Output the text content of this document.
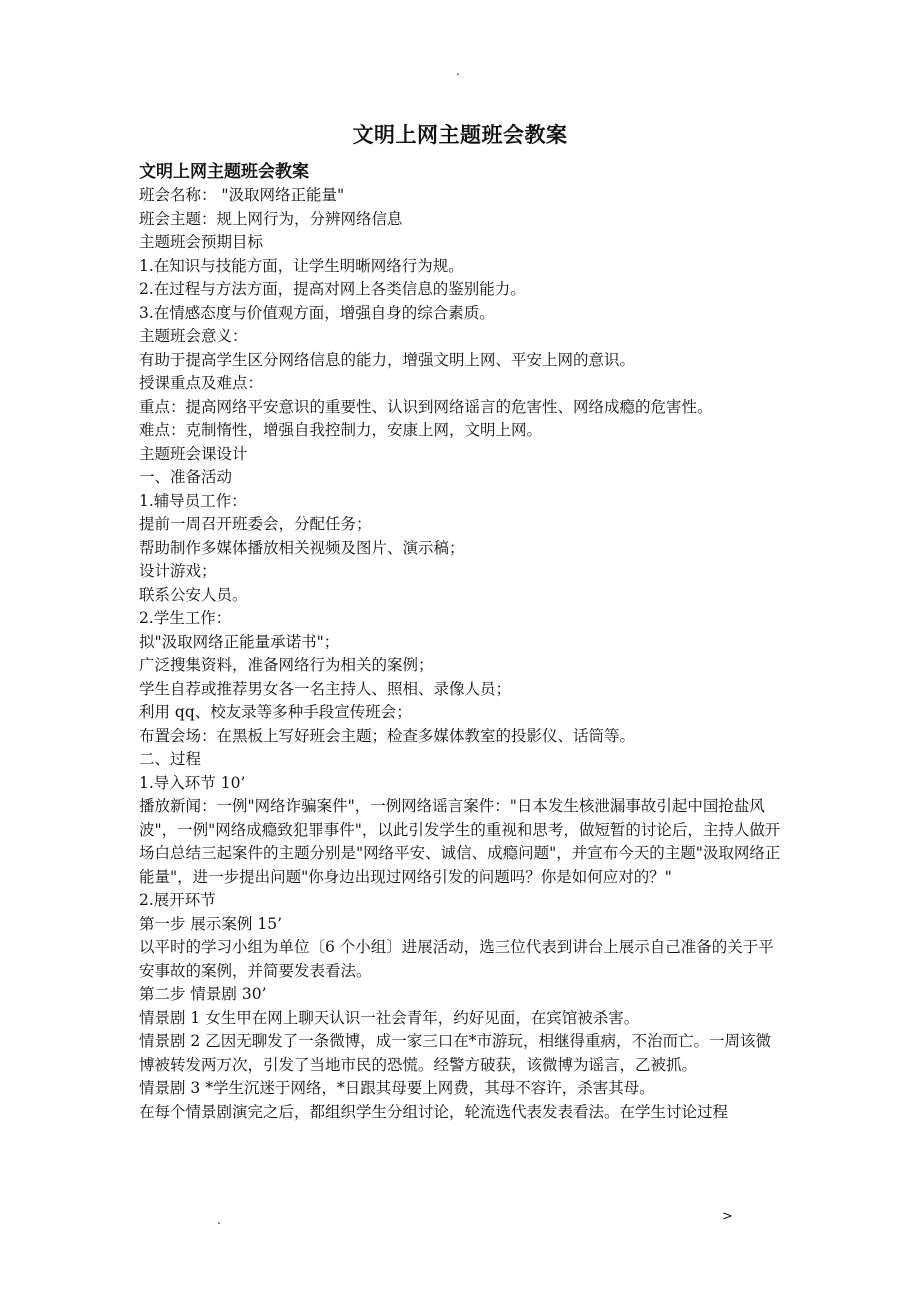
.
文明上网主题班会教案

文明上网主题班会教案

班会名称： "汲取网络正能量"

班会主题：规上网行为，分辨网络信息

主题班会预期目标

1.在知识与技能方面，让学生明晰网络行为规。

2.在过程与方法方面，提高对网上各类信息的鉴别能力。

3.在情感态度与价值观方面，增强自身的综合素质。

主题班会意义：

有助于提高学生区分网络信息的能力，增强文明上网、平安上网的意识。

授课重点及难点：

重点：提高网络平安意识的重要性、认识到网络谣言的危害性、网络成瘾的危害性。

难点：克制惰性，增强自我控制力，安康上网，文明上网。

主题班会课设计

一、准备活动

1.辅导员工作：

提前一周召开班委会，分配任务；

帮助制作多媒体播放相关视频及图片、演示稿；

设计游戏；

联系公安人员。

2.学生工作：

拟"汲取网络正能量承诺书"；

广泛搜集资料，准备网络行为相关的案例；

学生自荐或推荐男女各一名主持人、照相、录像人员；

利用 qq、校友录等多种手段宣传班会；

布置会场：在黑板上写好班会主题；检查多媒体教室的投影仪、话筒等。

二、过程

1.导入环节 10’

播放新闻：一例"网络诈骗案件"，一例网络谣言案件："日本发生核泄漏事故引起中国抢盐风波"，一例"网络成瘾致犯罪事件"，以此引发学生的重视和思考，做短暂的讨论后，主持人做开场白总结三起案件的主题分别是"网络平安、诚信、成瘾问题"，并宣布今天的主题"汲取网络正能量"，进一步提出问题"你身边出现过网络引发的问题吗？你是如何应对的？"

2.展开环节

第一步 展示案例 15’

以平时的学习小组为单位〔6 个小组〕进展活动，选三位代表到讲台上展示自己准备的关于平安事故的案例，并简要发表看法。

第二步 情景剧 30’

情景剧 1 女生甲在网上聊天认识一社会青年，约好见面，在宾馆被杀害。

情景剧 2 乙因无聊发了一条微博，成一家三口在*市游玩，相继得重病，不治而亡。一周该微博被转发两万次，引发了当地市民的恐慌。经警方破获，该微博为谣言，乙被抓。

情景剧 3 *学生沉迷于网络，*日跟其母要上网费，其母不容许，杀害其母。

在每个情景剧演完之后，都组织学生分组讨论，轮流选代表发表看法。在学生讨论过程

.	>
